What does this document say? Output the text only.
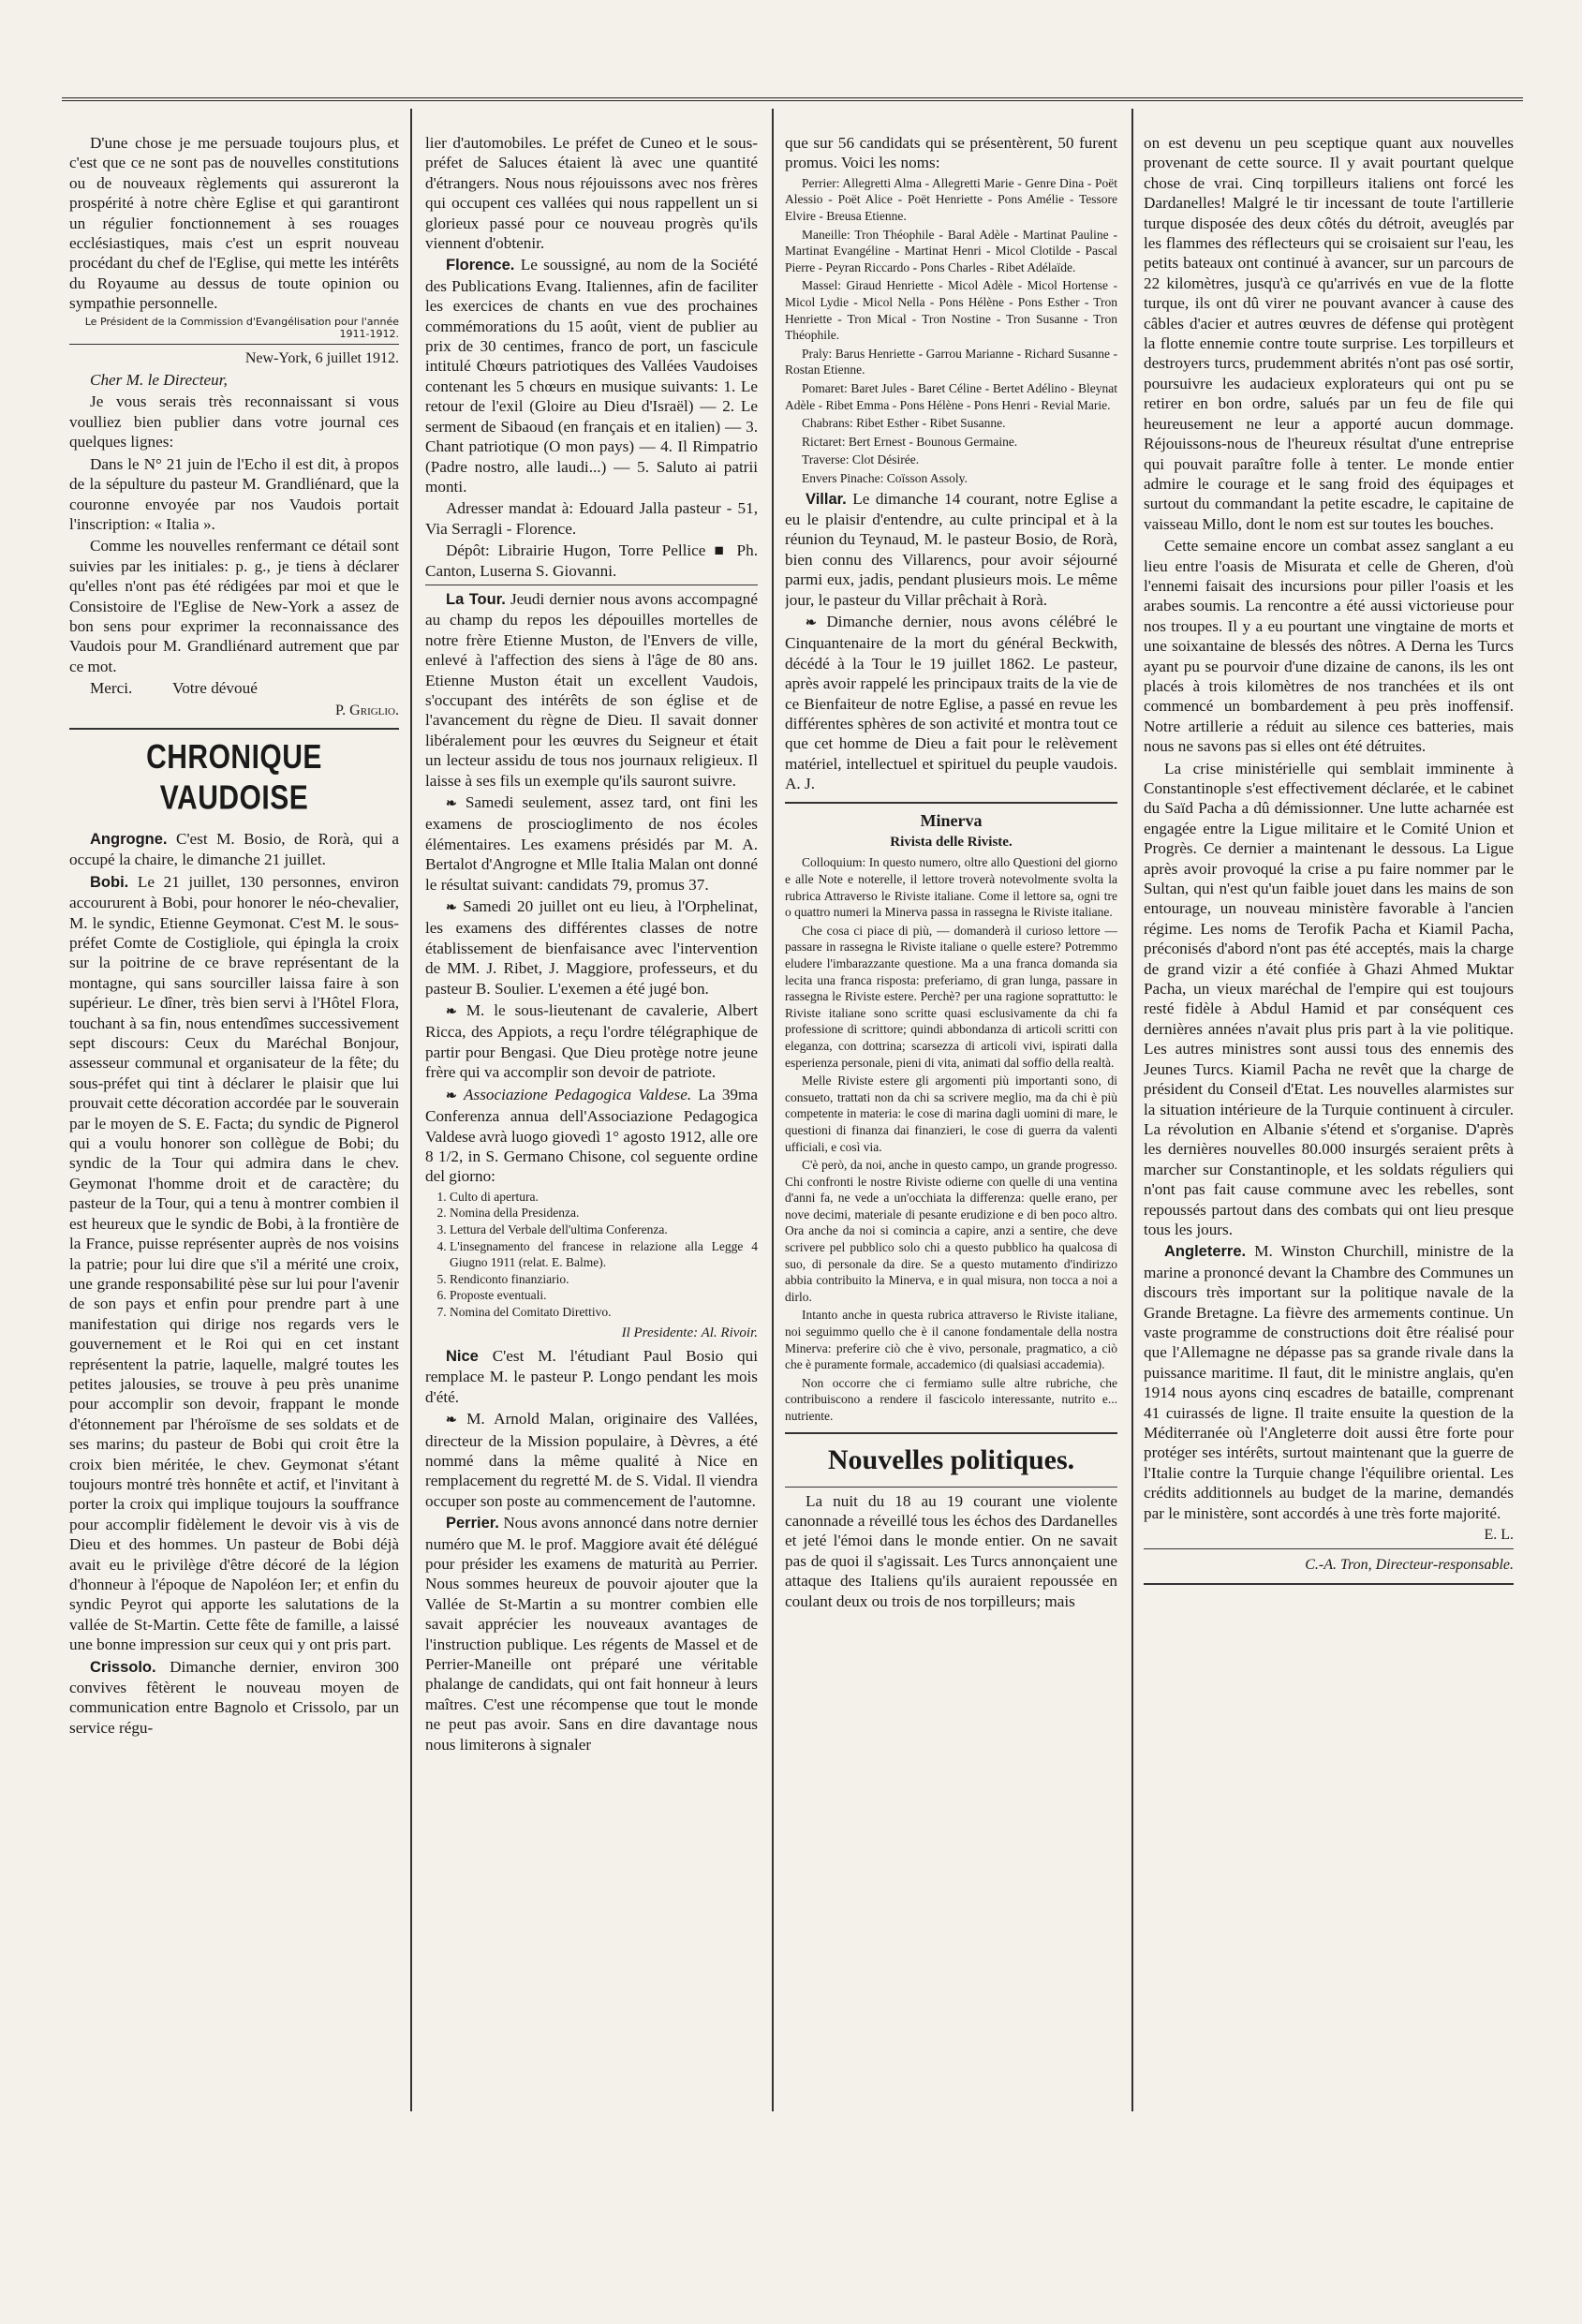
D'une chose je me persuade toujours plus, et c'est que ce ne sont pas de nouvelles constitutions ou de nouveaux règlements qui assureront la prospérité à notre chère Eglise et qui garantiront un régulier fonctionnement à ses rouages ecclésiastiques, mais c'est un esprit nouveau procédant du chef de l'Eglise, qui mette les intérêts du Royaume au dessus de toute opinion ou sympathie personnelle.

Le Président de la Commission d'Evangélisation pour l'année 1911-1912.

New-York, 6 juillet 1912.

Cher M. le Directeur,

Je vous serais très reconnaissant si vous voulliez bien publier dans votre journal ces quelques lignes:

Dans le N° 21 juin de l'Echo il est dit, à propos de la sépulture du pasteur M. Grandliénard, que la couronne envoyée par nos Vaudois portait l'inscription: « Italia ».

Comme les nouvelles renfermant ce détail sont suivies par les initiales: p. g., je tiens à déclarer qu'elles n'ont pas été rédigées par moi et que le Consistoire de l'Eglise de New-York a assez de bon sens pour exprimer la reconnaissance des Vaudois pour M. Grandliénard autrement que par ce mot.

Merci.          Votre dévoué

P. Griglio.

CHRONIQUE VAUDOISE

Angrogne. C'est M. Bosio, de Rorà, qui a occupé la chaire, le dimanche 21 juillet.

Bobi. Le 21 juillet, 130 personnes, environ accoururent à Bobi, pour honorer le néo-chevalier, M. le syndic, Etienne Geymonat. C'est M. le sous-préfet Comte de Costigliole, qui épingla la croix sur la poitrine de ce brave représentant de la montagne, qui sans sourciller laissa faire à son supérieur. Le dîner, très bien servi à l'Hôtel Flora, touchant à sa fin, nous entendîmes successivement sept discours: Ceux du Maréchal Bonjour, assesseur communal et organisateur de la fête; du sous-préfet qui tint à déclarer le plaisir que lui prouvait cette décoration accordée par le souverain par le moyen de S. E. Facta; du syndic de Pignerol qui a voulu honorer son collègue de Bobi; du syndic de la Tour qui admira dans le chev. Geymonat l'homme droit et de caractère; du pasteur de la Tour, qui a tenu à montrer combien il est heureux que le syndic de Bobi, à la frontière de la France, puisse représenter auprès de nos voisins la patrie; pour lui dire que s'il a mérité une croix, une grande responsabilité pèse sur lui pour l'avenir de son pays et enfin pour prendre part à une manifestation qui dirige nos regards vers le gouvernement et le Roi qui en cet instant représentent la patrie, laquelle, malgré toutes les petites jalousies, se trouve à peu près unanime pour accomplir son devoir, frappant le monde d'étonnement par l'héroïsme de ses soldats et de ses marins; du pasteur de Bobi qui croit être la croix bien méritée, le chev. Geymonat s'étant toujours montré très honnête et actif, et l'invitant à porter la croix qui implique toujours la souffrance pour accomplir fidèlement le devoir vis à vis de Dieu et des hommes. Un pasteur de Bobi déjà avait eu le privilège d'être décoré de la légion d'honneur à l'époque de Napoléon Ier; et enfin du syndic Peyrot qui apporte les salutations de la vallée de St-Martin. Cette fête de famille, a laissé une bonne impression sur ceux qui y ont pris part.

Crissolo. Dimanche dernier, environ 300 convives fêtèrent le nouveau moyen de communication entre Bagnolo et Crissolo, par un service régu-

lier d'automobiles. Le préfet de Cuneo et le sous-préfet de Saluces étaient là avec une quantité d'étrangers. Nous nous réjouissons avec nos frères qui occupent ces vallées qui nous rappellent un si glorieux passé pour ce nouveau progrès qu'ils viennent d'obtenir.

Florence. Le soussigné, au nom de la Société des Publications Evang. Italiennes, afin de faciliter les exercices de chants en vue des prochaines commémorations du 15 août, vient de publier au prix de 30 centimes, franco de port, un fascicule intitulé Chœurs patriotiques des Vallées Vaudoises contenant les 5 chœurs en musique suivants: 1. Le retour de l'exil (Gloire au Dieu d'Israël) — 2. Le serment de Sibaoud (en français et en italien) — 3. Chant patriotique (O mon pays) — 4. Il Rimpatrio (Padre nostro, alle laudi...) — 5. Saluto ai patrii monti.

Adresser mandat à: Edouard Jalla pasteur - 51, Via Serragli - Florence.

Dépôt: Librairie Hugon, Torre Pellice ■ Ph. Canton, Luserna S. Giovanni.

La Tour. Jeudi dernier nous avons accompagné au champ du repos les dépouilles mortelles de notre frère Etienne Muston, de l'Envers de ville, enlevé à l'affection des siens à l'âge de 80 ans. Etienne Muston était un excellent Vaudois, s'occupant des intérêts de son église et de l'avancement du règne de Dieu. Il savait donner libéralement pour les œuvres du Seigneur et était un lecteur assidu de tous nos journaux religieux. Il laisse à ses fils un exemple qu'ils sauront suivre.

❧ Samedi seulement, assez tard, ont fini les examens de proscioglimento de nos écoles élémentaires. Les examens présidés par M. A. Bertalot d'Angrogne et Mlle Italia Malan ont donné le résultat suivant: candidats 79, promus 37.

❧ Samedi 20 juillet ont eu lieu, à l'Orphelinat, les examens des différentes classes de notre établissement de bienfaisance avec l'intervention de MM. J. Ribet, J. Maggiore, professeurs, et du pasteur B. Soulier. L'exemen a été jugé bon.

❧ M. le sous-lieutenant de cavalerie, Albert Ricca, des Appiots, a reçu l'ordre télégraphique de partir pour Bengasi. Que Dieu protège notre jeune frère qui va accomplir son devoir de patriote.

❧ Associazione Pedagogica Valdese. La 39ma Conferenza annua dell'Associazione Pedagogica Valdese avrà luogo giovedì 1° agosto 1912, alle ore 8 1/2, in S. Germano Chisone, col seguente ordine del giorno:

1. Culto di apertura.
2. Nomina della Presidenza.
3. Lettura del Verbale dell'ultima Conferenza.
4. L'insegnamento del francese in relazione alla Legge 4 Giugno 1911 (relat. E. Balme).
5. Rendiconto finanziario.
6. Proposte eventuali.
7. Nomina del Comitato Direttivo.

Il Presidente: Al. Rivoir.

Nice C'est M. l'étudiant Paul Bosio qui remplace M. le pasteur P. Longo pendant les mois d'été.

❧ M. Arnold Malan, originaire des Vallées, directeur de la Mission populaire, à Dèvres, a été nommé dans la même qualité à Nice en remplacement du regretté M. de S. Vidal. Il viendra occuper son poste au commencement de l'automne.

Perrier. Nous avons annoncé dans notre dernier numéro que M. le prof. Maggiore avait été délégué pour présider les examens de maturità au Perrier. Nous sommes heureux de pouvoir ajouter que la Vallée de St-Martin a su montrer combien elle savait apprécier les nouveaux avantages de l'instruction publique. Les régents de Massel et de Perrier-Maneille ont préparé une véritable phalange de candidats, qui ont fait honneur à leurs maîtres. C'est une récompense que tout le monde ne peut pas avoir. Sans en dire davantage nous nous limiterons à signaler

que sur 56 candidats qui se présentèrent, 50 furent promus. Voici les noms:

Perrier: Allegretti Alma - Allegretti Marie - Genre Dina - Poët Alessio - Poët Alice - Poët Henriette - Pons Amélie - Tessore Elvire - Breusa Etienne.

Maneille: Tron Théophile - Baral Adèle - Martinat Pauline - Martinat Evangéline - Martinat Henri - Micol Clotilde - Pascal Pierre - Peyran Riccardo - Pons Charles - Ribet Adélaïde.

Massel: Giraud Henriette - Micol Adèle - Micol Hortense - Micol Lydie - Micol Nella - Pons Hélène - Pons Esther - Tron Henriette - Tron Mical - Tron Nostine - Tron Susanne - Tron Théophile.

Praly: Barus Henriette - Garrou Marianne - Richard Susanne - Rostan Etienne.

Pomaret: Baret Jules - Baret Céline - Bertet Adélino - Bleynat Adèle - Ribet Emma - Pons Hélène - Pons Henri - Revial Marie.

Chabrans: Ribet Esther - Ribet Susanne.

Rictaret: Bert Ernest - Bounous Germaine.

Traverse: Clot Désirée.

Envers Pinache: Coïsson Assoly.

Villar. Le dimanche 14 courant, notre Eglise a eu le plaisir d'entendre, au culte principal et à la réunion du Teynaud, M. le pasteur Bosio, de Rorà, bien connu des Villarencs, pour avoir séjourné parmi eux, jadis, pendant plusieurs mois. Le même jour, le pasteur du Villar prêchait à Rorà.

❧ Dimanche dernier, nous avons célébré le Cinquantenaire de la mort du général Beckwith, décédé à la Tour le 19 juillet 1862. Le pasteur, après avoir rappelé les principaux traits de la vie de ce Bienfaiteur de notre Eglise, a passé en revue les différentes sphères de son activité et montra tout ce que cet homme de Dieu a fait pour le relèvement matériel, intellectuel et spirituel du peuple vaudois. A. J.

Minerva

Rivista delle Riviste.

Colloquium: In questo numero, oltre allo Questioni del giorno e alle Note e noterelle, il lettore troverà notevolmente svolta la rubrica Attraverso le Riviste italiane. Come il lettore sa, ogni tre o quattro numeri la Minerva passa in rassegna le Riviste italiane.

Che cosa ci piace di più, — domanderà il curioso lettore — passare in rassegna le Riviste italiane o quelle estere? Potremmo eludere l'imbarazzante questione. Ma a una franca domanda sia lecita una franca risposta: preferiamo, di gran lunga, passare in rassegna le Riviste estere. Perchè? per una ragione soprattutto: le Riviste italiane sono scritte quasi esclusivamente da chi fa professione di scrittore; quindi abbondanza di articoli scritti con eleganza, con dottrina; scarsezza di articoli vivi, ispirati dalla esperienza personale, pieni di vita, animati dal soffio della realtà.

Melle Riviste estere gli argomenti più importanti sono, di consueto, trattati non da chi sa scrivere meglio, ma da chi è più competente in materia: le cose di marina dagli uomini di mare, le questioni di finanza dai finanzieri, le cose di guerra da valenti ufficiali, e così via.

C'è però, da noi, anche in questo campo, un grande progresso. Chi confronti le nostre Riviste odierne con quelle di una ventina d'anni fa, ne vede a un'occhiata la differenza: quelle erano, per nove decimi, materiale di pesante erudizione e di ben poco altro. Ora anche da noi si comincia a capire, anzi a sentire, che deve scrivere pel pubblico solo chi a questo pubblico ha qualcosa di suo, di personale da dire. Se a questo mutamento d'indirizzo abbia contribuito la Minerva, e in qual misura, non tocca a noi a dirlo.

Intanto anche in questa rubrica attraverso le Riviste italiane, noi seguimmo quello che è il canone fondamentale della nostra Minerva: preferire ciò che è vivo, personale, pragmatico, a ciò che è puramente formale, accademico (di qualsiasi accademia).

Non occorre che ci fermiamo sulle altre rubriche, che contribuiscono a rendere il fascicolo interessante, nutrito e... nutriente.

Nouvelles politiques.

La nuit du 18 au 19 courant une violente canonnade a réveillé tous les échos des Dardanelles et jeté l'émoi dans le monde entier. On ne savait pas de quoi il s'agissait. Les Turcs annonçaient une attaque des Italiens qu'ils auraient repoussée en coulant deux ou trois de nos torpilleurs; mais

on est devenu un peu sceptique quant aux nouvelles provenant de cette source. Il y avait pourtant quelque chose de vrai. Cinq torpilleurs italiens ont forcé les Dardanelles! Malgré le tir incessant de toute l'artillerie turque disposée des deux côtés du détroit, aveuglés par les flammes des réflecteurs qui se croisaient sur l'eau, les petits bateaux ont continué à avancer, sur un parcours de 22 kilomètres, jusqu'à ce qu'arrivés en vue de la flotte turque, ils ont dû virer ne pouvant avancer à cause des câbles d'acier et autres œuvres de défense qui protègent la flotte ennemie contre toute surprise. Les torpilleurs et destroyers turcs, prudemment abrités n'ont pas osé sortir, poursuivre les audacieux explorateurs qui ont pu se retirer en bon ordre, salués par un feu de file qui heureusement ne leur a apporté aucun dommage. Réjouissons-nous de l'heureux résultat d'une entreprise qui pouvait paraître folle à tenter. Le monde entier admire le courage et le sang froid des équipages et surtout du commandant la petite escadre, le capitaine de vaisseau Millo, dont le nom est sur toutes les bouches.

Cette semaine encore un combat assez sanglant a eu lieu entre l'oasis de Misurata et celle de Gheren, d'où l'ennemi faisait des incursions pour piller l'oasis et les arabes soumis. La rencontre a été aussi victorieuse pour nos troupes. Il y a eu pourtant une vingtaine de morts et une soixantaine de blessés des nôtres. A Derna les Turcs ayant pu se pourvoir d'une dizaine de canons, ils les ont placés à trois kilomètres de nos tranchées et ils ont commencé un bombardement à peu près inoffensif. Notre artillerie a réduit au silence ces batteries, mais nous ne savons pas si elles ont été détruites.

La crise ministérielle qui semblait imminente à Constantinople s'est effectivement déclarée, et le cabinet du Saïd Pacha a dû démissionner. Une lutte acharnée est engagée entre la Ligue militaire et le Comité Union et Progrès. Ce dernier a maintenant le dessous. La Ligue après avoir provoqué la crise a pu faire nommer par le Sultan, qui n'est qu'un faible jouet dans les mains de son entourage, un nouveau ministère favorable à l'ancien régime. Les noms de Terofik Pacha et Kiamil Pacha, préconisés d'abord n'ont pas été acceptés, mais la charge de grand vizir a été confiée à Ghazi Ahmed Muktar Pacha, un vieux maréchal de l'empire qui est toujours resté fidèle à Abdul Hamid et par conséquent ces dernières années n'avait plus pris part à la vie politique. Les autres ministres sont aussi tous des ennemis des Jeunes Turcs. Kiamil Pacha ne revêt que la charge de président du Conseil d'Etat. Les nouvelles alarmistes sur la situation intérieure de la Turquie continuent à circuler. La révolution en Albanie s'étend et s'organise. D'après les dernières nouvelles 80.000 insurgés seraient prêts à marcher sur Constantinople, et les soldats réguliers qui n'ont pas fait cause commune avec les rebelles, sont repoussés partout dans des combats qui ont lieu presque tous les jours.

Angleterre. M. Winston Churchill, ministre de la marine a prononcé devant la Chambre des Communes un discours très important sur la politique navale de la Grande Bretagne. La fièvre des armements continue. Un vaste programme de constructions doit être réalisé pour que l'Allemagne ne dépasse pas sa grande rivale dans la puissance maritime. Il faut, dit le ministre anglais, qu'en 1914 nous ayons cinq escadres de bataille, comprenant 41 cuirassés de ligne. Il traite ensuite la question de la Méditerranée où l'Angleterre doit aussi être forte pour protéger ses intérêts, surtout maintenant que la guerre de l'Italie contre la Turquie change l'équilibre oriental. Les crédits additionnels au budget de la marine, demandés par le ministère, sont accordés à une très forte majorité.

E. L.

C.-A. Tron, Directeur-responsable.
